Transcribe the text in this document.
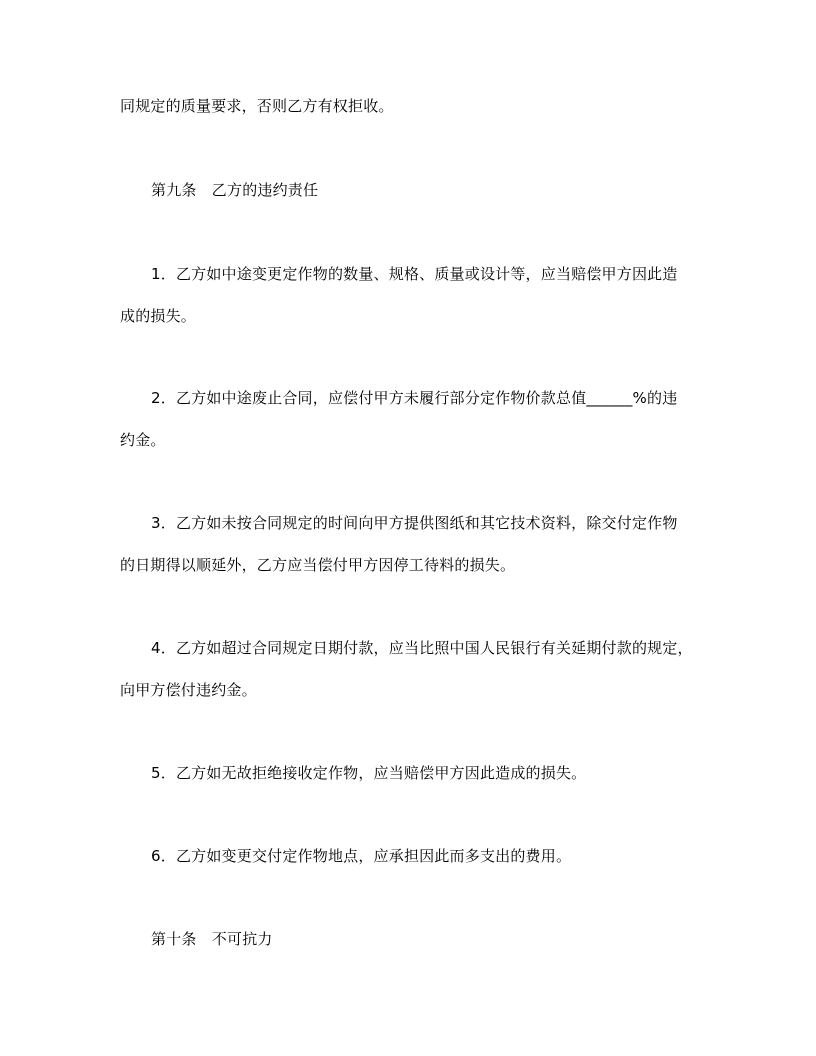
同规定的质量要求，否则乙方有权拒收。
第九条　乙方的违约责任
1．乙方如中途变更定作物的数量、规格、质量或设计等，应当赔偿甲方因此造
成的损失。
2．乙方如中途废止合同，应偿付甲方未履行部分定作物价款总值______%的违
约金。
3．乙方如未按合同规定的时间向甲方提供图纸和其它技术资料，除交付定作物
的日期得以顺延外，乙方应当偿付甲方因停工待料的损失。
4．乙方如超过合同规定日期付款，应当比照中国人民银行有关延期付款的规定，
向甲方偿付违约金。
5．乙方如无故拒绝接收定作物，应当赔偿甲方因此造成的损失。
6．乙方如变更交付定作物地点，应承担因此而多支出的费用。
第十条　不可抗力
